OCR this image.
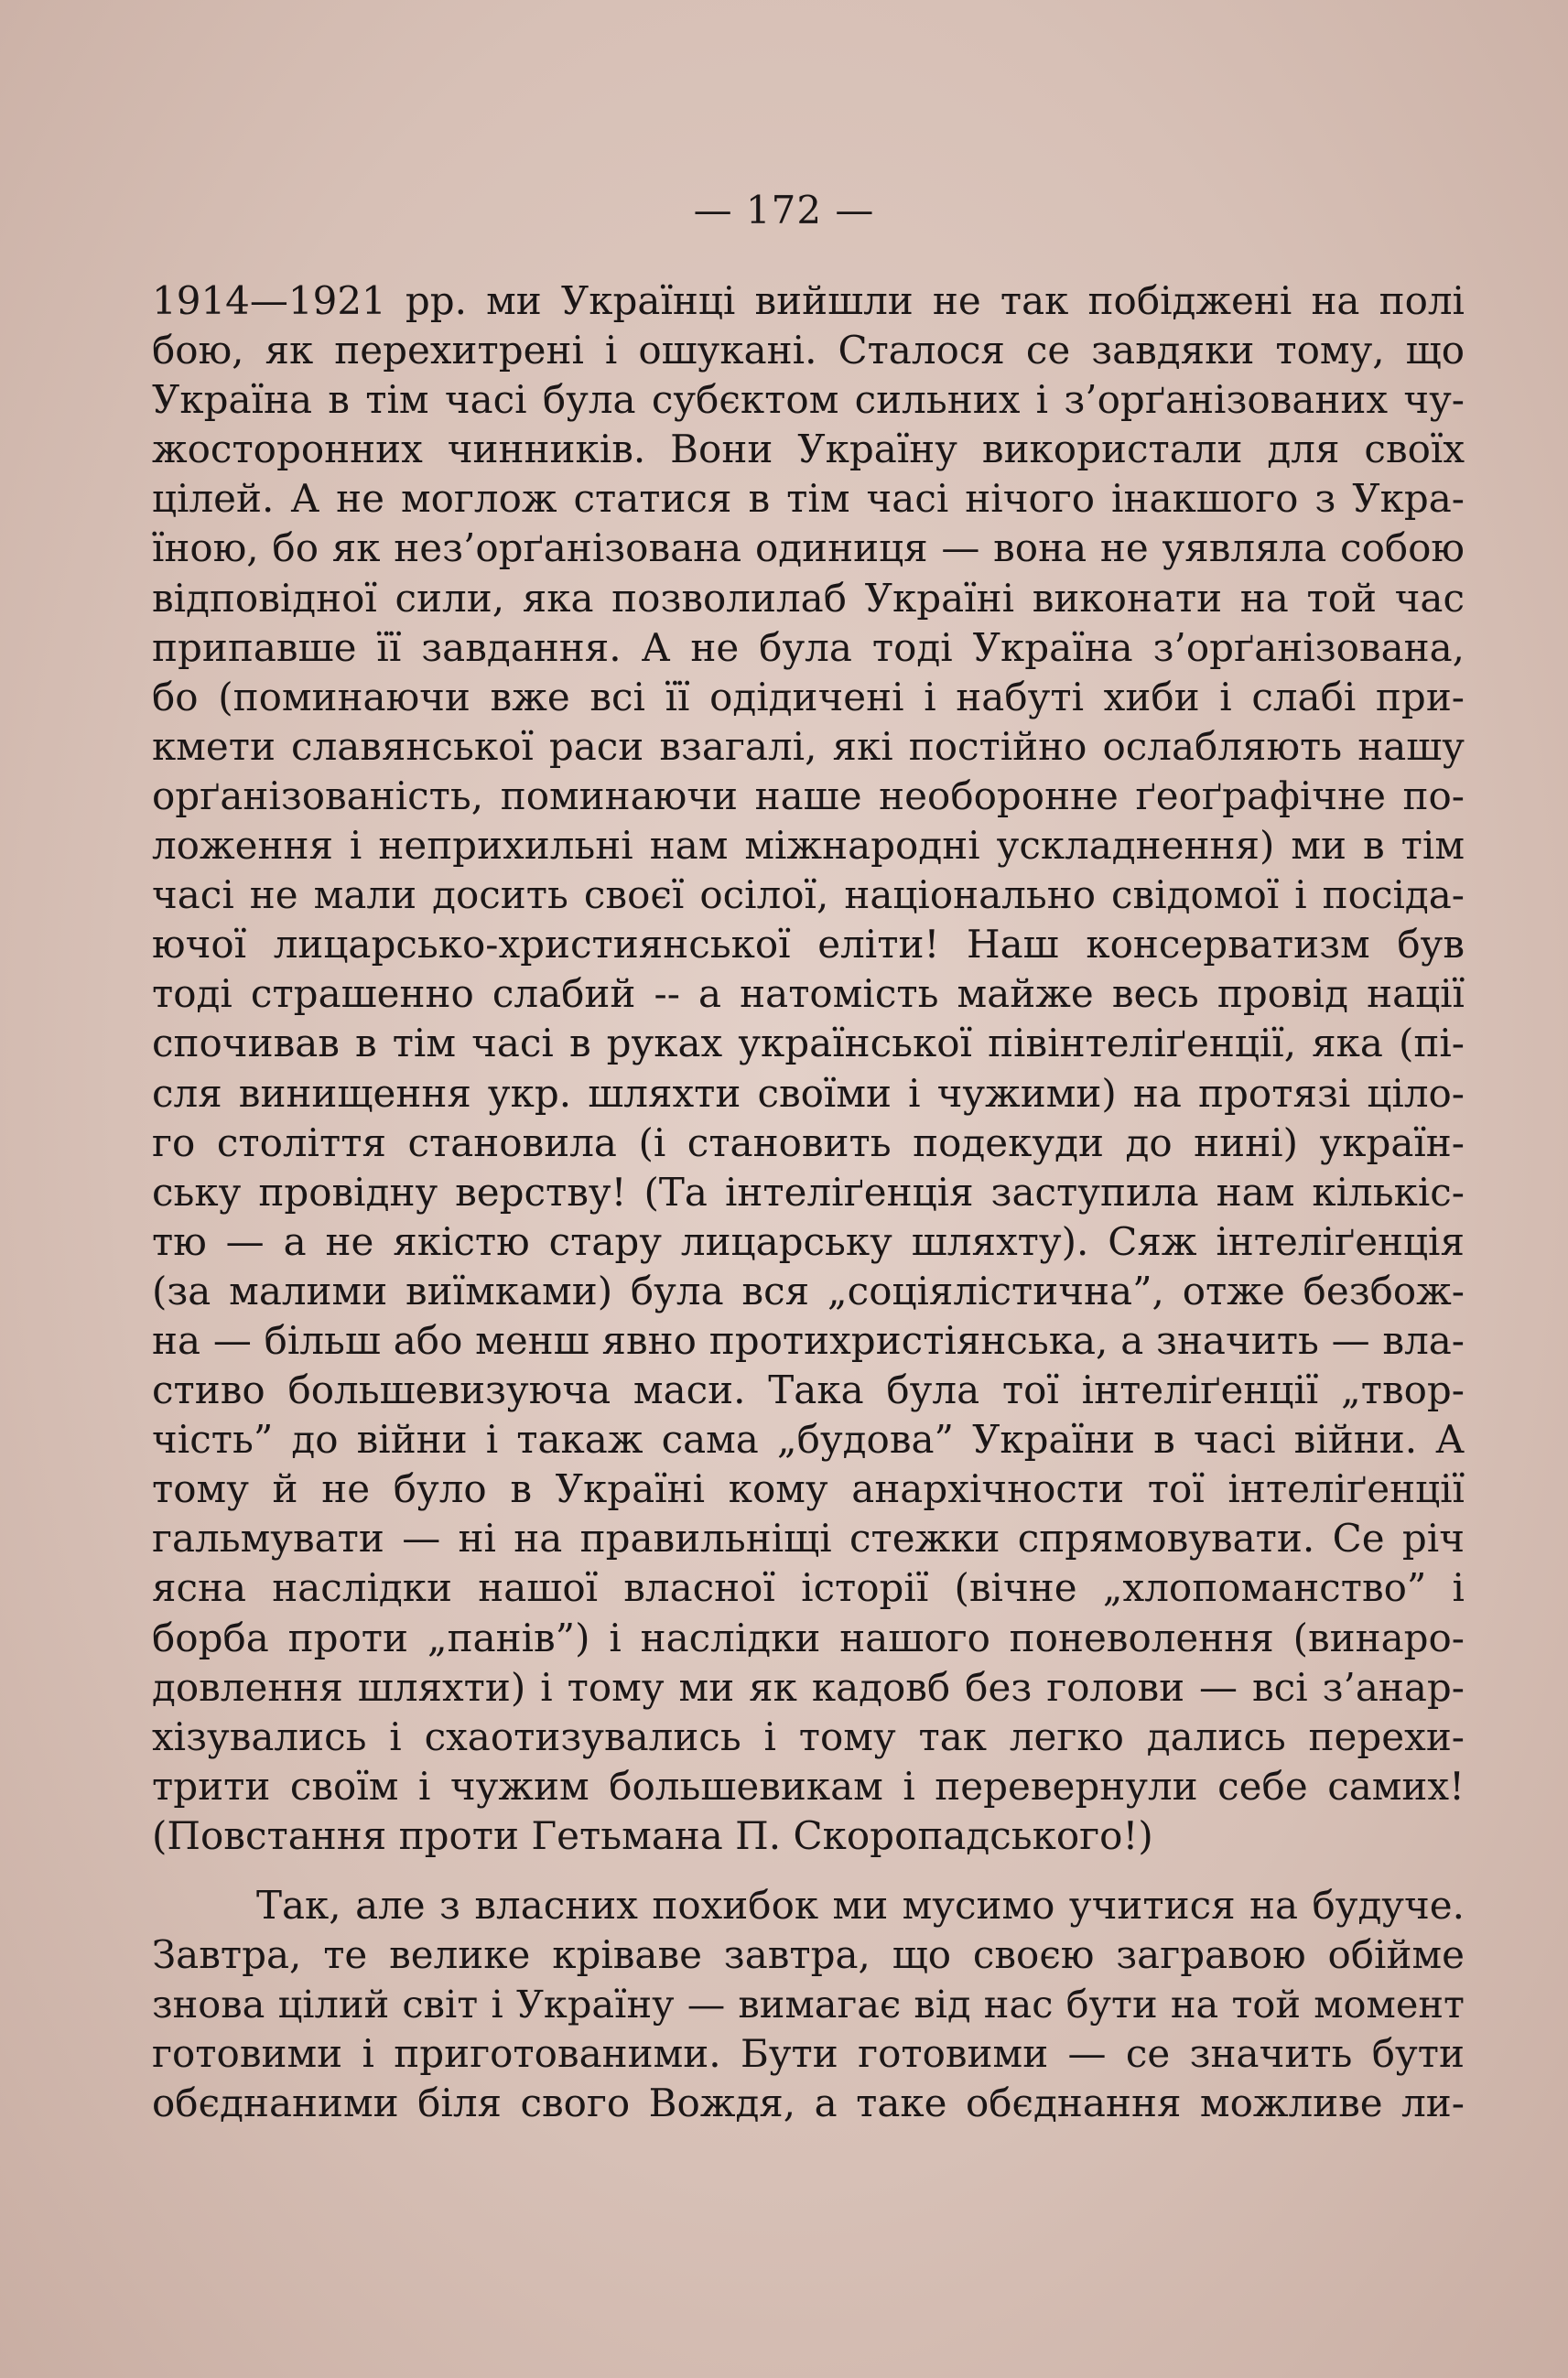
— 172 —
1914—1921 рр. ми Українці вийшли не так побіджені на полі
бою, як перехитрені і ошукані. Сталося се завдяки тому, що
Україна в тім часі була субєктом сильних і з’орґанізованих чу-
жосторонних чинників. Вони Україну використали для своїх
цілей. А не моглож статися в тім часі нічого інакшого з Укра-
їною, бо як нез’орґанізована одиниця — вона не уявляла собою
відповідної сили, яка позволилаб Україні виконати на той час
припавше її завдання. А не була тоді Україна з’орґанізована,
бо (поминаючи вже всі її одідичені і набуті хиби і слабі при-
кмети славянської раси взагалі, які постійно ослабляють нашу
орґанізованість, поминаючи наше необоронне ґеоґрафічне по-
ложення і неприхильні нам міжнародні ускладнення) ми в тім
часі не мали досить своєї осілої, національно свідомої і посіда-
ючої лицарсько-християнської еліти! Наш консерватизм був
тоді страшенно слабий -- а натомість майже весь провід нації
спочивав в тім часі в руках української півінтеліґенції, яка (пі-
сля винищення укр. шляхти своїми і чужими) на протязі ціло-
го століття становила (і становить подекуди до нині) україн-
ську провідну верству! (Та інтеліґенція заступила нам кількіс-
тю — а не якістю стару лицарську шляхту). Сяж інтеліґенція
(за малими виїмками) була вся „соціялістична”, отже безбож-
на — більш або менш явно протихристіянська, а значить — вла-
стиво большевизуюча маси. Така була тої інтеліґенції „твор-
чість” до війни і такаж сама „будова” України в часі війни. А
тому й не було в Україні кому анархічности тої інтеліґенції
гальмувати — ні на правильніщі стежки спрямовувати. Се річ
ясна наслідки нашої власної історії (вічне „хлопоманство” і
борба проти „панів”) і наслідки нашого поневолення (винаро-
довлення шляхти) і тому ми як кадовб без голови — всі з’анар-
хізувались і схаотизувались і тому так легко дались перехи-
трити своїм і чужим большевикам і перевернули себе самих!
(Повстання проти Гетьмана П. Скоропадського!)
Так, але з власних похибок ми мусимо учитися на будуче.
Завтра, те велике кріваве завтра, що своєю загравою обійме
знова цілий світ і Україну — вимагає від нас бути на той момент
готовими і приготованими. Бути готовими — се значить бути
обєднаними біля свого Вождя, а таке обєднання можливе ли-
